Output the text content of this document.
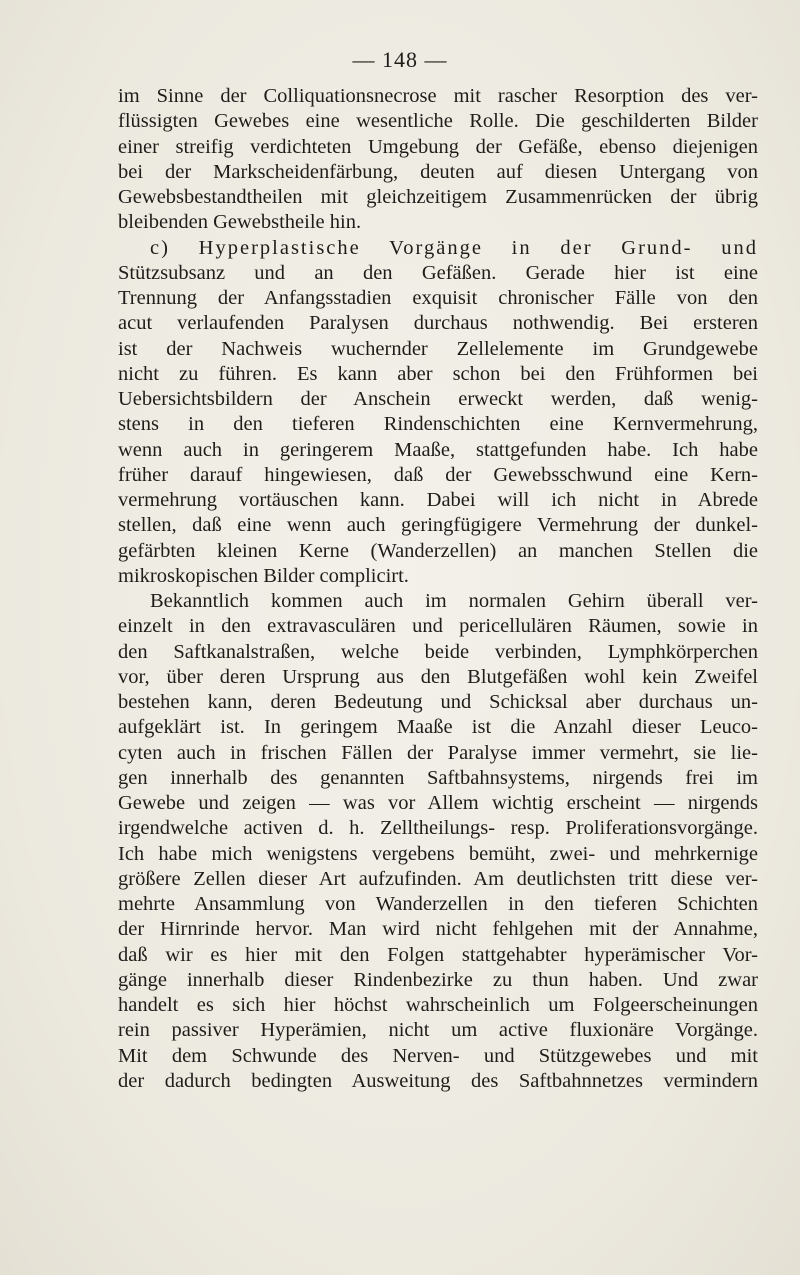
— 148 —
im Sinne der Colliquationsnecrose mit rascher Resorption des ver-
flüssigten Gewebes eine wesentliche Rolle. Die geschilderten Bilder
einer streifig verdichteten Umgebung der Gefäße, ebenso diejenigen
bei der Markscheidenfärbung, deuten auf diesen Untergang von
Gewebsbestandtheilen mit gleichzeitigem Zusammenrücken der übrig
bleibenden Gewebstheile hin.
c) Hyperplastische Vorgänge in der Grund- und
Stützsubsanz und an den Gefäßen. Gerade hier ist eine
Trennung der Anfangsstadien exquisit chronischer Fälle von den
acut verlaufenden Paralysen durchaus nothwendig. Bei ersteren
ist der Nachweis wuchernder Zellelemente im Grundgewebe
nicht zu führen. Es kann aber schon bei den Frühformen bei
Uebersichtsbildern der Anschein erweckt werden, daß wenig-
stens in den tieferen Rindenschichten eine Kernvermehrung,
wenn auch in geringerem Maaße, stattgefunden habe. Ich habe
früher darauf hingewiesen, daß der Gewebsschwund eine Kern-
vermehrung vortäuschen kann. Dabei will ich nicht in Abrede
stellen, daß eine wenn auch geringfügigere Vermehrung der dunkel-
gefärbten kleinen Kerne (Wanderzellen) an manchen Stellen die
mikroskopischen Bilder complicirt.
Bekanntlich kommen auch im normalen Gehirn überall ver-
einzelt in den extravasculären und pericellulären Räumen, sowie in
den Saftkanalstraßen, welche beide verbinden, Lymphkörperchen
vor, über deren Ursprung aus den Blutgefäßen wohl kein Zweifel
bestehen kann, deren Bedeutung und Schicksal aber durchaus un-
aufgeklärt ist. In geringem Maaße ist die Anzahl dieser Leuco-
cyten auch in frischen Fällen der Paralyse immer vermehrt, sie lie-
gen innerhalb des genannten Saftbahnsystems, nirgends frei im
Gewebe und zeigen — was vor Allem wichtig erscheint — nirgends
irgendwelche activen d. h. Zelltheilungs- resp. Proliferationsvorgänge.
Ich habe mich wenigstens vergebens bemüht, zwei- und mehrkernige
größere Zellen dieser Art aufzufinden. Am deutlichsten tritt diese ver-
mehrte Ansammlung von Wanderzellen in den tieferen Schichten
der Hirnrinde hervor. Man wird nicht fehlgehen mit der Annahme,
daß wir es hier mit den Folgen stattgehabter hyperämischer Vor-
gänge innerhalb dieser Rindenbezirke zu thun haben. Und zwar
handelt es sich hier höchst wahrscheinlich um Folgeerscheinungen
rein passiver Hyperämien, nicht um active fluxionäre Vorgänge.
Mit dem Schwunde des Nerven- und Stützgewebes und mit
der dadurch bedingten Ausweitung des Saftbahnnetzes vermindern
